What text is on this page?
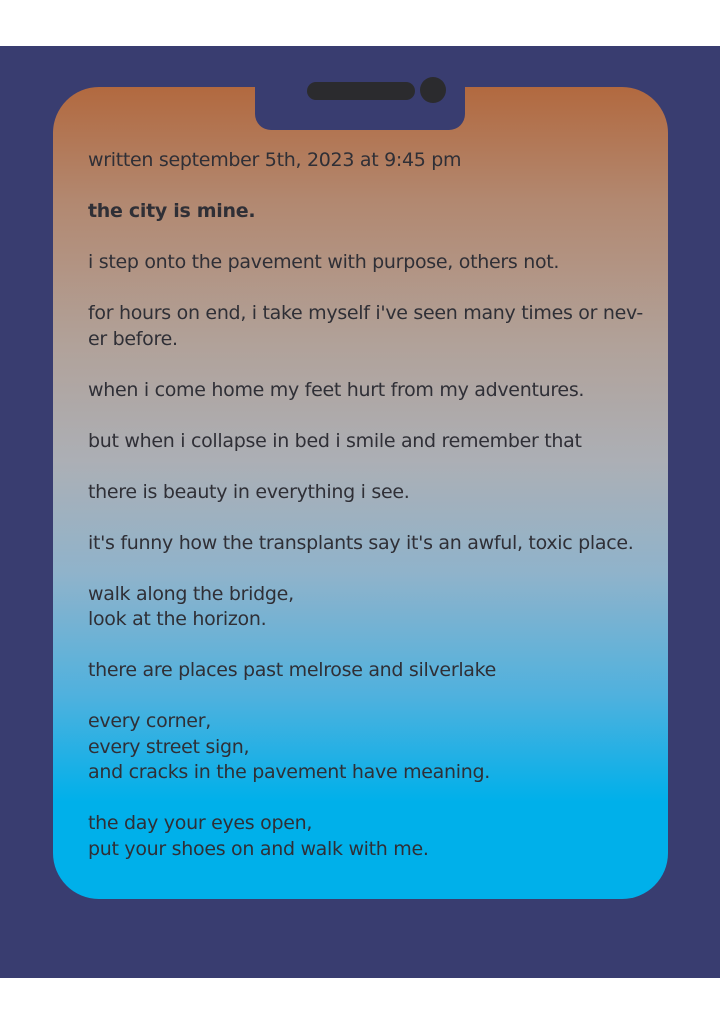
written september 5th, 2023 at 9:45 pm

the city is mine.

i step onto the pavement with purpose, others not.

for hours on end, i take myself i've seen many times or nev-
er before.

when i come home my feet hurt from my adventures.

but when i collapse in bed i smile and remember that

there is beauty in everything i see.

it's funny how the transplants say it's an awful, toxic place.

walk along the bridge,
look at the horizon.

there are places past melrose and silverlake

every corner,
every street sign,
and cracks in the pavement have meaning.

the day your eyes open,
put your shoes on and walk with me.
